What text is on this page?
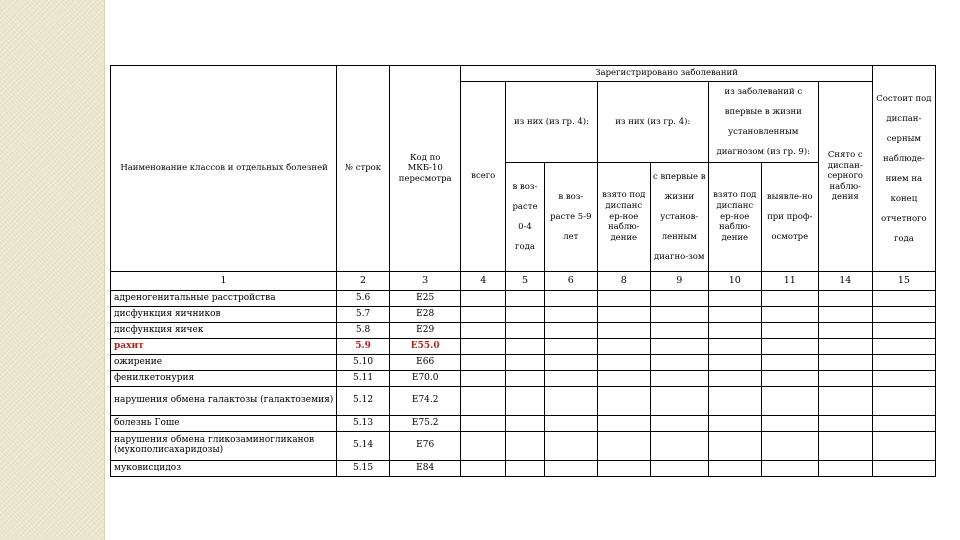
Наименование классов и отдельных болезней	№ строк	Код по МКБ-10 пересмотра	Зарегистрировано заболеваний								Состоит под диспан-серным наблюде-нием на конец отчетного года
			всего	из них (из гр. 4):		из них (из гр. 4):		из заболеваний с впервые в жизни установленным диагнозом (из гр. 9):		Снято с диспан-серного наблю-дения	
				в воз-расте 0-4 года	в воз-расте 5-9 лет	взято под диспанс ер-ное наблю-дение	с впервые в жизни установ-ленным диагно-зом	взято под диспанс ер-ное наблю-дение	выявле-но при проф-осмотре		
1	2	3	4	5	6	8	9	10	11	14	15
адреногенитальные расстройства	5.6	Е25									
дисфункция яичников	5.7	Е28									
дисфункция яичек	5.8	Е29									
рахит	5.9	Е55.0									
ожирение	5.10	Е66									
фенилкетонурия	5.11	Е70.0									
нарушения обмена галактозы (галактоземия)	5.12	Е74.2									
болезнь Гоше	5.13	Е75.2									
нарушения обмена гликозаминогликанов (мукополисахаридозы)	5.14	Е76									
муковисцидоз	5.15	Е84									
